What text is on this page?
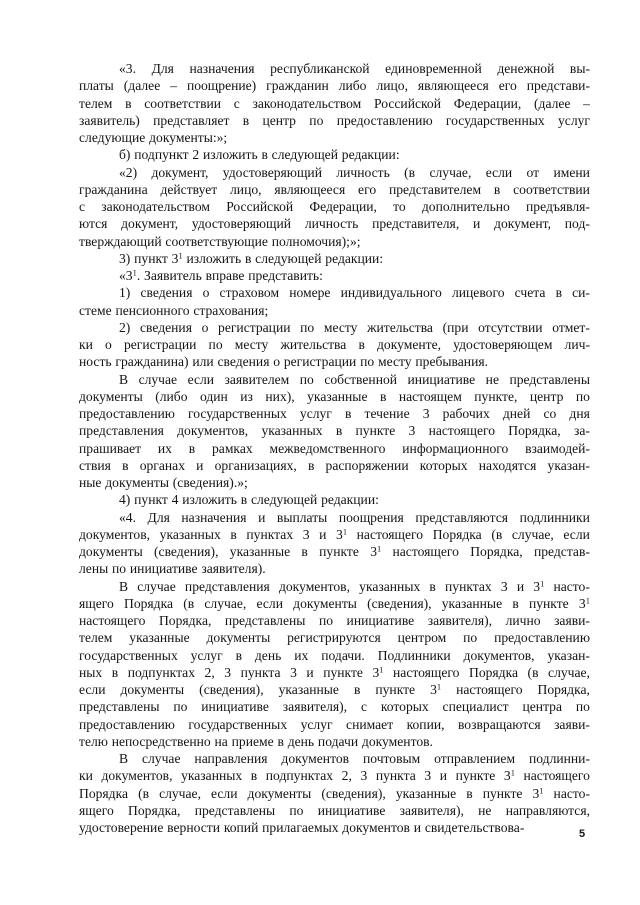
«3. Для назначения республиканской единовременной денежной вы-
платы (далее – поощрение) гражданин либо лицо, являющееся его представи-
телем в соответствии с законодательством Российской Федерации, (далее –
заявитель) представляет в центр по предоставлению государственных услуг
следующие документы:»;
б) подпункт 2 изложить в следующей редакции:
«2) документ, удостоверяющий личность (в случае, если от имени
гражданина действует лицо, являющееся его представителем в соответствии
с законодательством Российской Федерации, то дополнительно предъявля-
ются документ, удостоверяющий личность представителя, и документ, под-
тверждающий соответствующие полномочия);»;
3) пункт $3^1$ изложить в следующей редакции:
«$3^1$. Заявитель вправе представить:
1) сведения о страховом номере индивидуального лицевого счета в си-
стеме пенсионного страхования;
2) сведения о регистрации по месту жительства (при отсутствии отмет-
ки о регистрации по месту жительства в документе, удостоверяющем лич-
ность гражданина) или сведения о регистрации по месту пребывания.
В случае если заявителем по собственной инициативе не представлены
документы (либо один из них), указанные в настоящем пункте, центр по
предоставлению государственных услуг в течение 3 рабочих дней со дня
представления документов, указанных в пункте 3 настоящего Порядка, за-
прашивает их в рамках межведомственного информационного взаимодей-
ствия в органах и организациях, в распоряжении которых находятся указан-
ные документы (сведения).»;
4) пункт 4 изложить в следующей редакции:
«4. Для назначения и выплаты поощрения представляются подлинники
документов, указанных в пунктах 3 и $3^1$ настоящего Порядка (в случае, если
документы (сведения), указанные в пункте $3^1$ настоящего Порядка, представ-
лены по инициативе заявителя).
В случае представления документов, указанных в пунктах 3 и $3^1$ насто-
ящего Порядка (в случае, если документы (сведения), указанные в пункте $3^1$
настоящего Порядка, представлены по инициативе заявителя), лично заяви-
телем указанные документы регистрируются центром по предоставлению
государственных услуг в день их подачи. Подлинники документов, указан-
ных в подпунктах 2, 3 пункта 3 и пункте $3^1$ настоящего Порядка (в случае,
если документы (сведения), указанные в пункте $3^1$ настоящего Порядка,
представлены по инициативе заявителя), с которых специалист центра по
предоставлению государственных услуг снимает копии, возвращаются заяви-
телю непосредственно на приеме в день подачи документов.
В случае направления документов почтовым отправлением подлинни-
ки документов, указанных в подпунктах 2, 3 пункта 3 и пункте $3^1$ настоящего
Порядка (в случае, если документы (сведения), указанные в пункте $3^1$ насто-
ящего Порядка, представлены по инициативе заявителя), не направляются,
удостоверение верности копий прилагаемых документов и свидетельствова-	5
